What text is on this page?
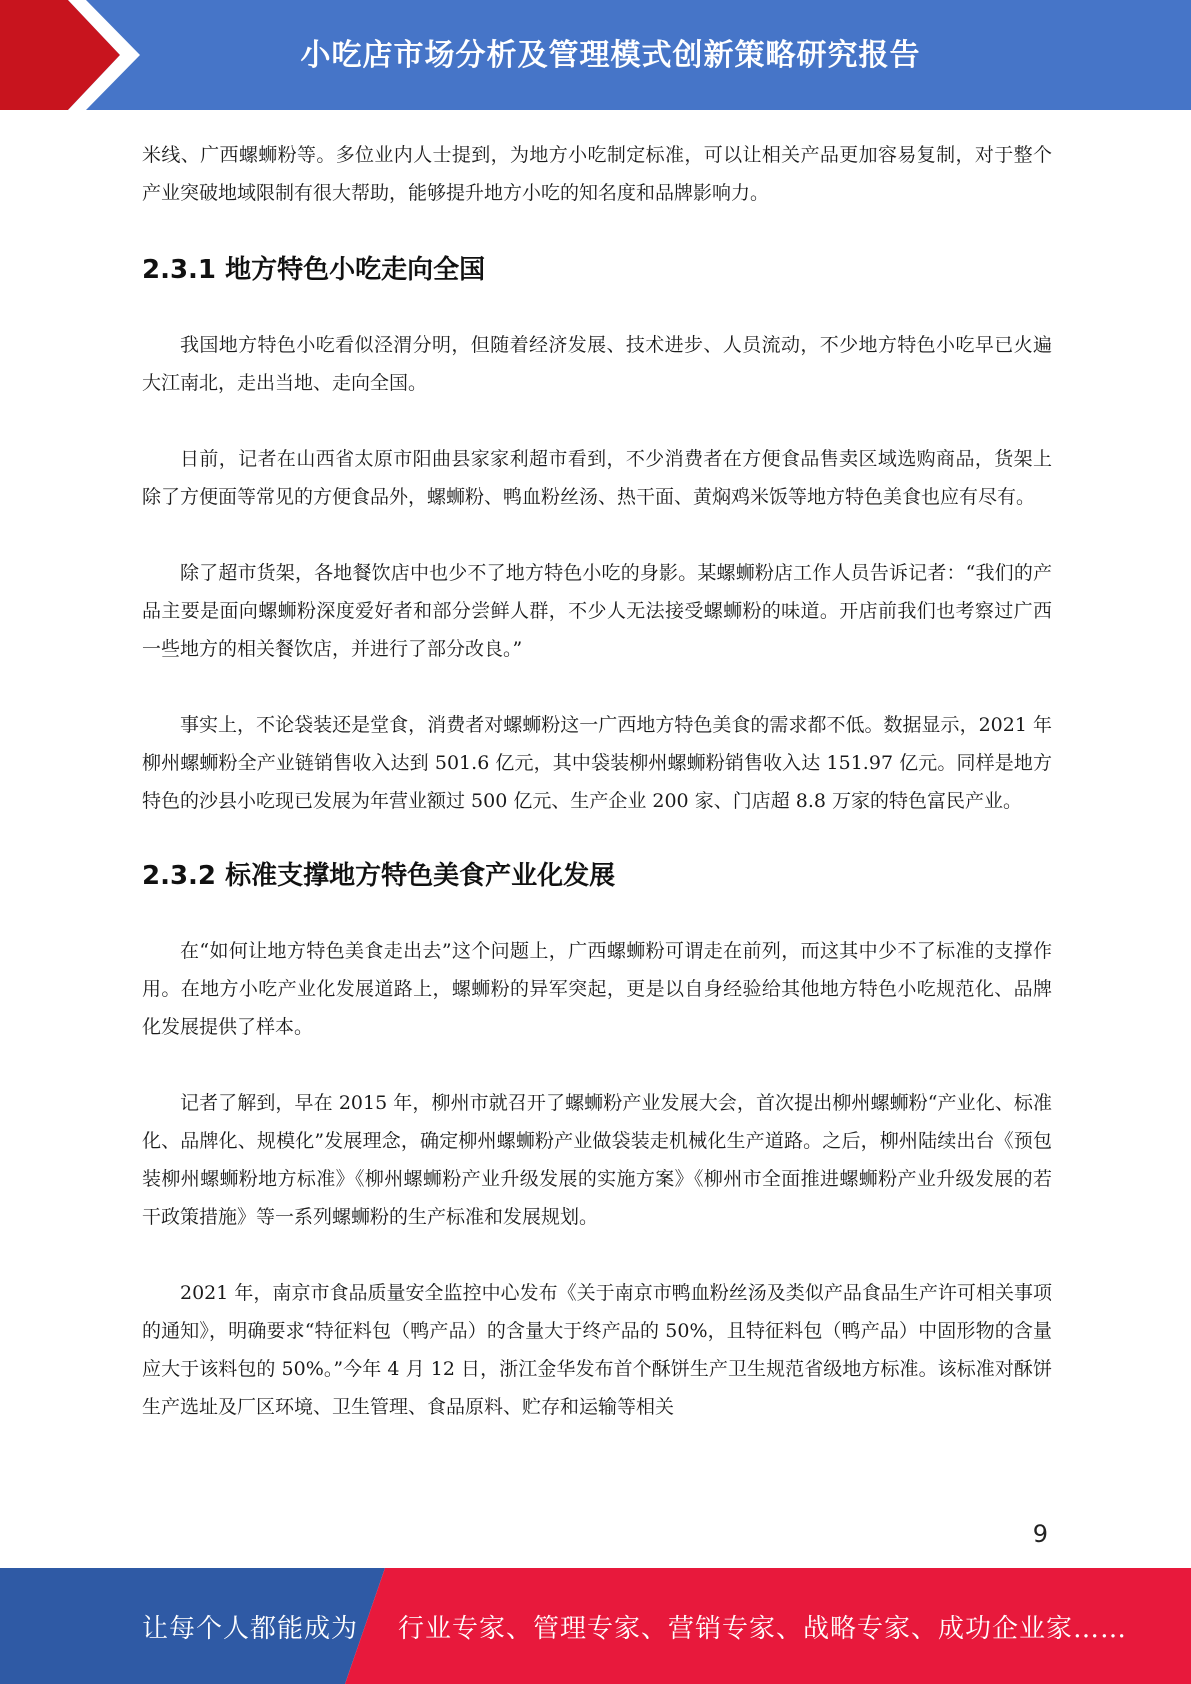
小吃店市场分析及管理模式创新策略研究报告

米线、广西螺蛳粉等。多位业内人士提到，为地方小吃制定标准，可以让相关产品更加容易复制，对于整个产业突破地域限制有很大帮助，能够提升地方小吃的知名度和品牌影响力。

2.3.1 地方特色小吃走向全国

我国地方特色小吃看似泾渭分明，但随着经济发展、技术进步、人员流动，不少地方特色小吃早已火遍大江南北，走出当地、走向全国。

日前，记者在山西省太原市阳曲县家家利超市看到，不少消费者在方便食品售卖区域选购商品，货架上除了方便面等常见的方便食品外，螺蛳粉、鸭血粉丝汤、热干面、黄焖鸡米饭等地方特色美食也应有尽有。

除了超市货架，各地餐饮店中也少不了地方特色小吃的身影。某螺蛳粉店工作人员告诉记者：“我们的产品主要是面向螺蛳粉深度爱好者和部分尝鲜人群，不少人无法接受螺蛳粉的味道。开店前我们也考察过广西一些地方的相关餐饮店，并进行了部分改良。”

事实上，不论袋装还是堂食，消费者对螺蛳粉这一广西地方特色美食的需求都不低。数据显示，2021 年柳州螺蛳粉全产业链销售收入达到 501.6 亿元，其中袋装柳州螺蛳粉销售收入达 151.97 亿元。同样是地方特色的沙县小吃现已发展为年营业额过 500 亿元、生产企业 200 家、门店超 8.8 万家的特色富民产业。

2.3.2 标准支撑地方特色美食产业化发展

在“如何让地方特色美食走出去”这个问题上，广西螺蛳粉可谓走在前列，而这其中少不了标准的支撑作用。在地方小吃产业化发展道路上，螺蛳粉的异军突起，更是以自身经验给其他地方特色小吃规范化、品牌化发展提供了样本。

记者了解到，早在 2015 年，柳州市就召开了螺蛳粉产业发展大会，首次提出柳州螺蛳粉“产业化、标准化、品牌化、规模化”发展理念，确定柳州螺蛳粉产业做袋装走机械化生产道路。之后，柳州陆续出台《预包装柳州螺蛳粉地方标准》《柳州螺蛳粉产业升级发展的实施方案》《柳州市全面推进螺蛳粉产业升级发展的若干政策措施》等一系列螺蛳粉的生产标准和发展规划。

2021 年，南京市食品质量安全监控中心发布《关于南京市鸭血粉丝汤及类似产品食品生产许可相关事项的通知》，明确要求“特征料包（鸭产品）的含量大于终产品的 50%，且特征料包（鸭产品）中固形物的含量应大于该料包的 50%。”今年 4 月 12 日，浙江金华发布首个酥饼生产卫生规范省级地方标准。该标准对酥饼生产选址及厂区环境、卫生管理、食品原料、贮存和运输等相关

9
让每个人都能成为 行业专家、管理专家、营销专家、战略专家、成功企业家……
